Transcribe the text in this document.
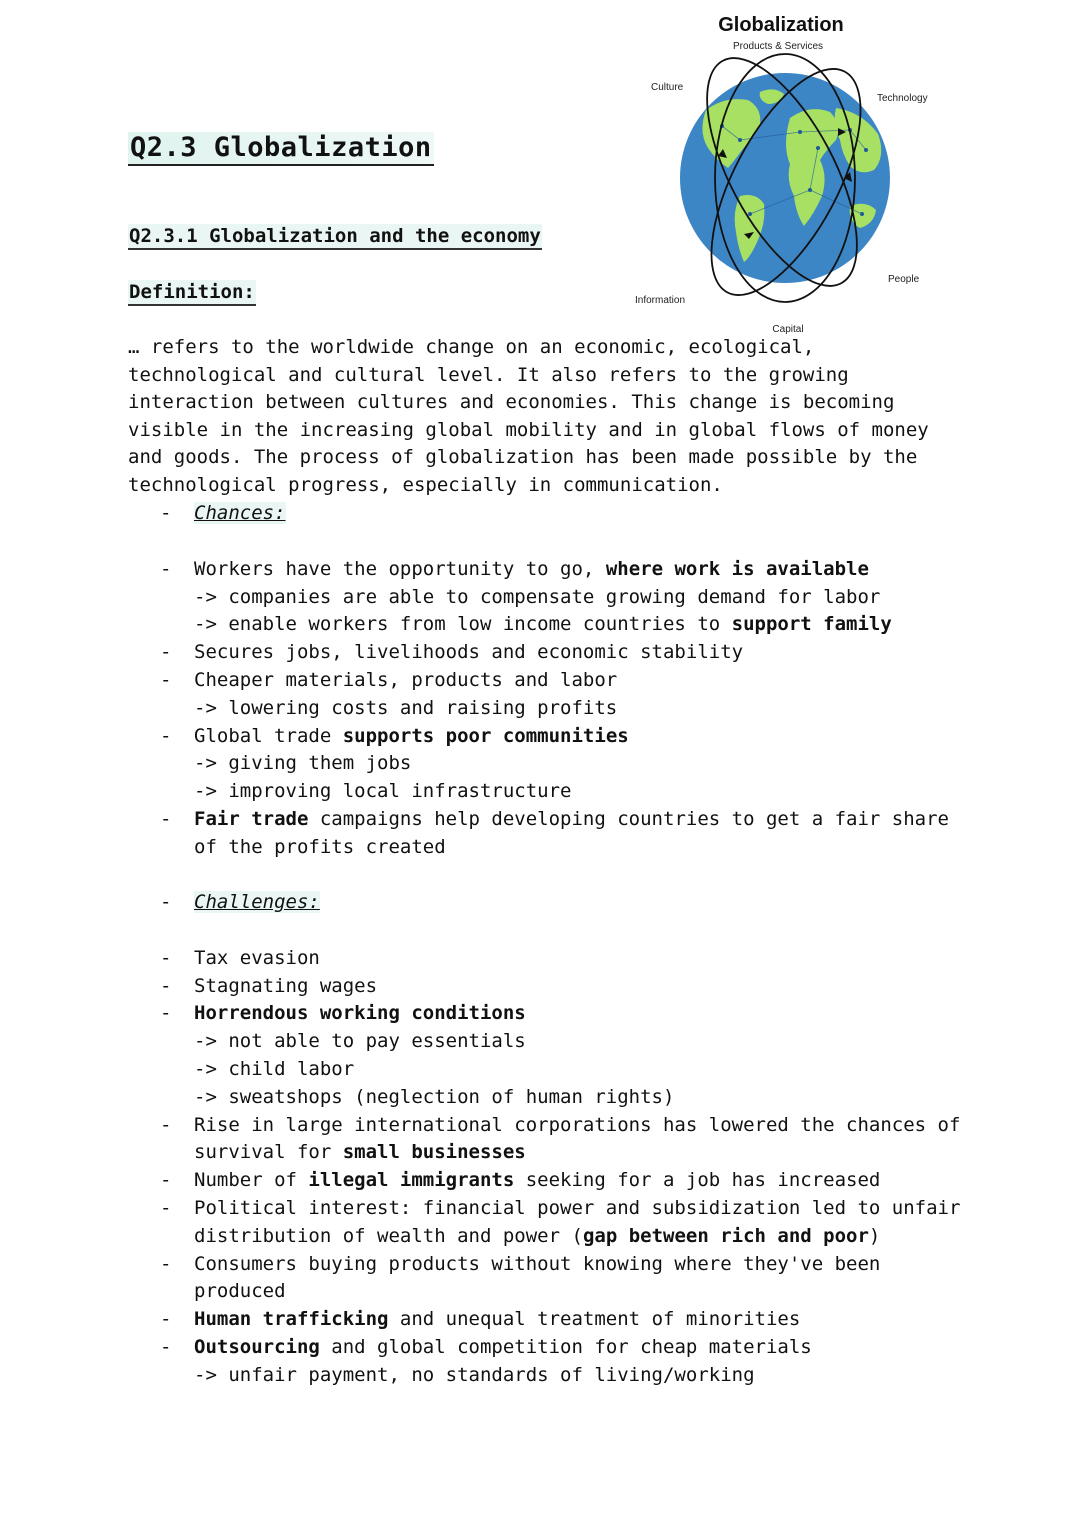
Globalization
Products & Services
Culture
Technology
People
Information
Capital
Q2.3 Globalization
Q2.3.1 Globalization and the economy
Definition:

… refers to the worldwide change on an economic, ecological, technological and cultural level. It also refers to the growing interaction between cultures and economies. This change is becoming visible in the increasing global mobility and in global flows of money and goods. The process of globalization has been made possible by the technological progress, especially in communication.

- Chances:
- Workers have the opportunity to go, where work is available
-> companies are able to compensate growing demand for labor
-> enable workers from low income countries to support family
- Secures jobs, livelihoods and economic stability
- Cheaper materials, products and labor
-> lowering costs and raising profits
- Global trade supports poor communities
-> giving them jobs
-> improving local infrastructure
- Fair trade campaigns help developing countries to get a fair share of the profits created
- Challenges:
- Tax evasion
- Stagnating wages
- Horrendous working conditions
-> not able to pay essentials
-> child labor
-> sweatshops (neglection of human rights)
- Rise in large international corporations has lowered the chances of survival for small businesses
- Number of illegal immigrants seeking for a job has increased
- Political interest: financial power and subsidization led to unfair distribution of wealth and power (gap between rich and poor)
- Consumers buying products without knowing where they've been produced
- Human trafficking and unequal treatment of minorities
- Outsourcing and global competition for cheap materials
-> unfair payment, no standards of living/working
